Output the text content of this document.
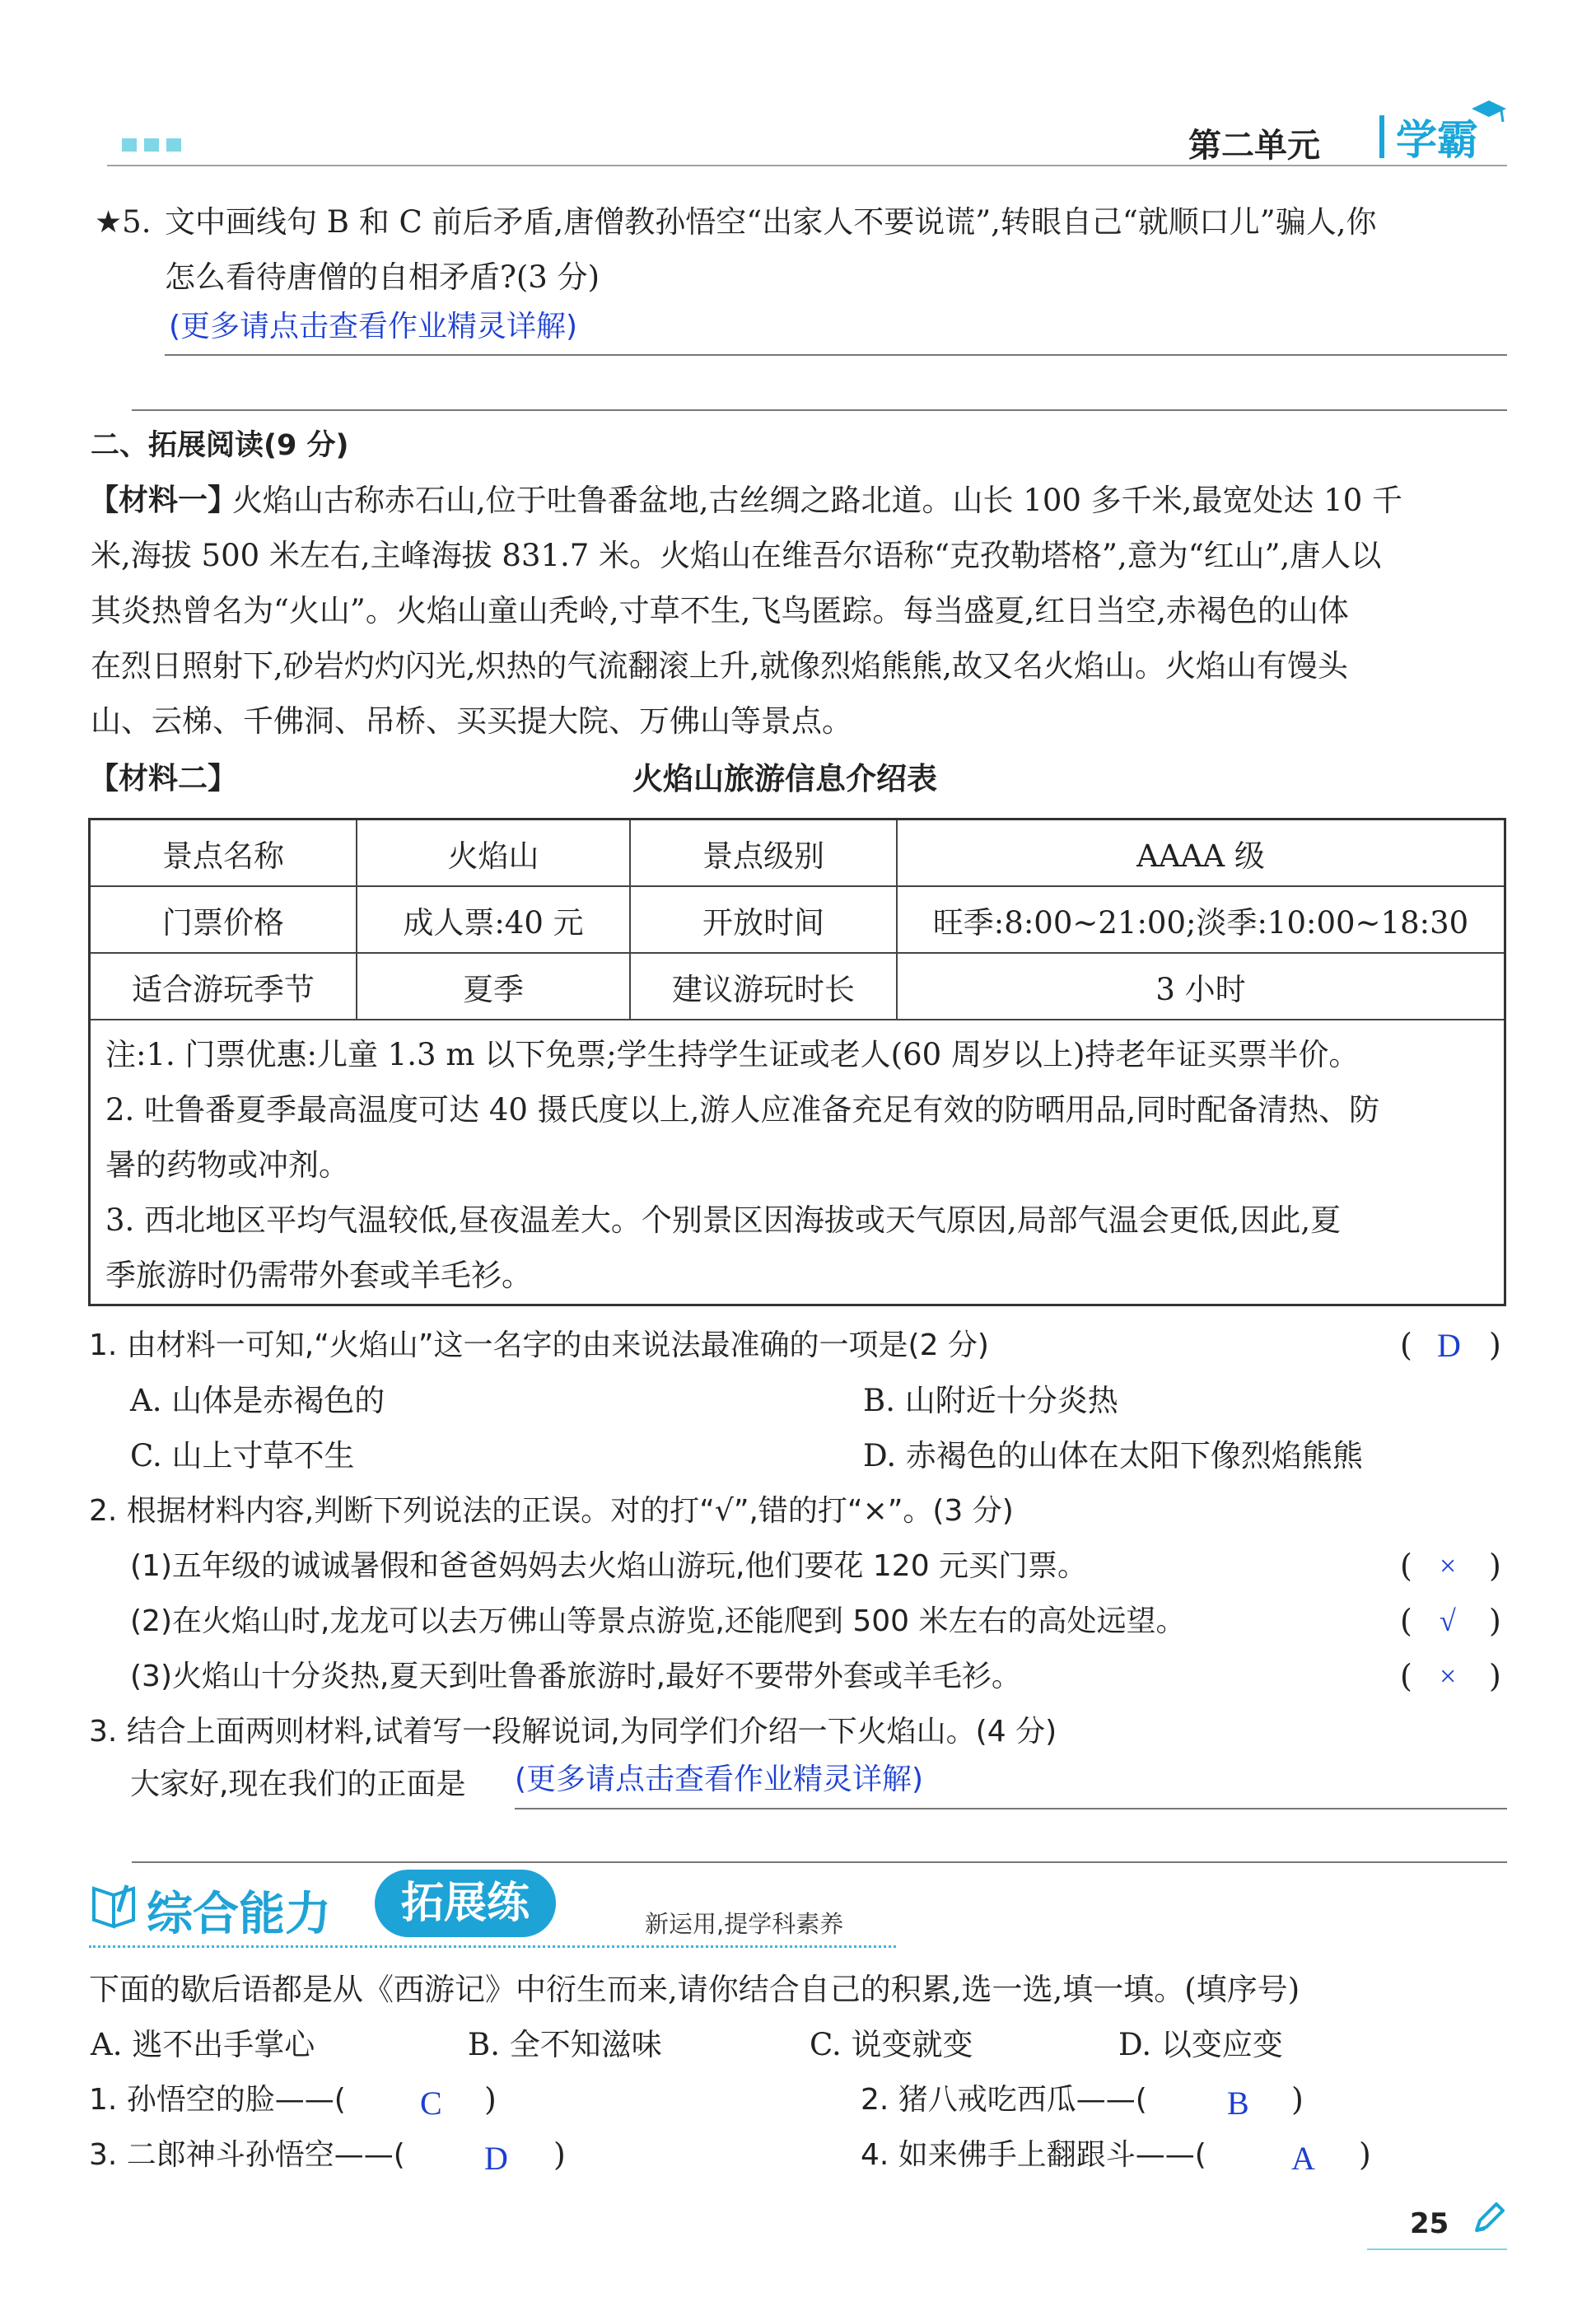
第二单元 学霸
★5. 文中画线句 B 和 C 前后矛盾,唐僧教孙悟空“出家人不要说谎”,转眼自己“就顺口儿”骗人,你
怎么看待唐僧的自相矛盾?(3 分)
(更多请点击查看作业精灵详解)
二、拓展阅读(9 分)
【材料一】
火焰山古称赤石山,位于吐鲁番盆地,古丝绸之路北道。山长 100 多千米,最宽处达 10 千
米,海拔 500 米左右,主峰海拔 831.7 米。火焰山在维吾尔语称“克孜勒塔格”,意为“红山”,唐人以
其炎热曾名为“火山”。火焰山童山秃岭,寸草不生,飞鸟匿踪。每当盛夏,红日当空,赤褐色的山体
在烈日照射下,砂岩灼灼闪光,炽热的气流翻滚上升,就像烈焰熊熊,故又名火焰山。火焰山有馒头
山、云梯、千佛洞、吊桥、买买提大院、万佛山等景点。
【材料二】	火焰山旅游信息介绍表
景点名称	火焰山	景点级别	AAAA 级
门票价格	成人票:40 元	开放时间	旺季:8:00~21:00;淡季:10:00~18:30
适合游玩季节	夏季	建议游玩时长	3 小时
注:1. 门票优惠:儿童 1.3 m 以下免票;学生持学生证或老人(60 周岁以上)持老年证买票半价。
2. 吐鲁番夏季最高温度可达 40 摄氏度以上,游人应准备充足有效的防晒用品,同时配备清热、防
暑的药物或冲剂。
3. 西北地区平均气温较低,昼夜温差大。个别景区因海拔或天气原因,局部气温会更低,因此,夏
季旅游时仍需带外套或羊毛衫。
1. 由材料一可知,“火焰山”这一名字的由来说法最准确的一项是(2 分)	( D )
A. 山体是赤褐色的	B. 山附近十分炎热
C. 山上寸草不生	D. 赤褐色的山体在太阳下像烈焰熊熊
2. 根据材料内容,判断下列说法的正误。对的打“√”,错的打“×”。(3 分)
(1)五年级的诚诚暑假和爸爸妈妈去火焰山游玩,他们要花 120 元买门票。	( × )
(2)在火焰山时,龙龙可以去万佛山等景点游览,还能爬到 500 米左右的高处远望。	( √ )
(3)火焰山十分炎热,夏天到吐鲁番旅游时,最好不要带外套或羊毛衫。	( × )
3. 结合上面两则材料,试着写一段解说词,为同学们介绍一下火焰山。(4 分)
大家好,现在我们的正面是 (更多请点击查看作业精灵详解)
综合能力	拓展练	新运用,提学科素养
下面的歇后语都是从《西游记》中衍生而来,请你结合自己的积累,选一选,填一填。(填序号)
A. 逃不出手掌心	B. 全不知滋味	C. 说变就变	D. 以变应变
1. 孙悟空的脸——( C )	2. 猪八戒吃西瓜——( B )
3. 二郎神斗孙悟空——( D )	4. 如来佛手上翻跟斗——(	A )
25
